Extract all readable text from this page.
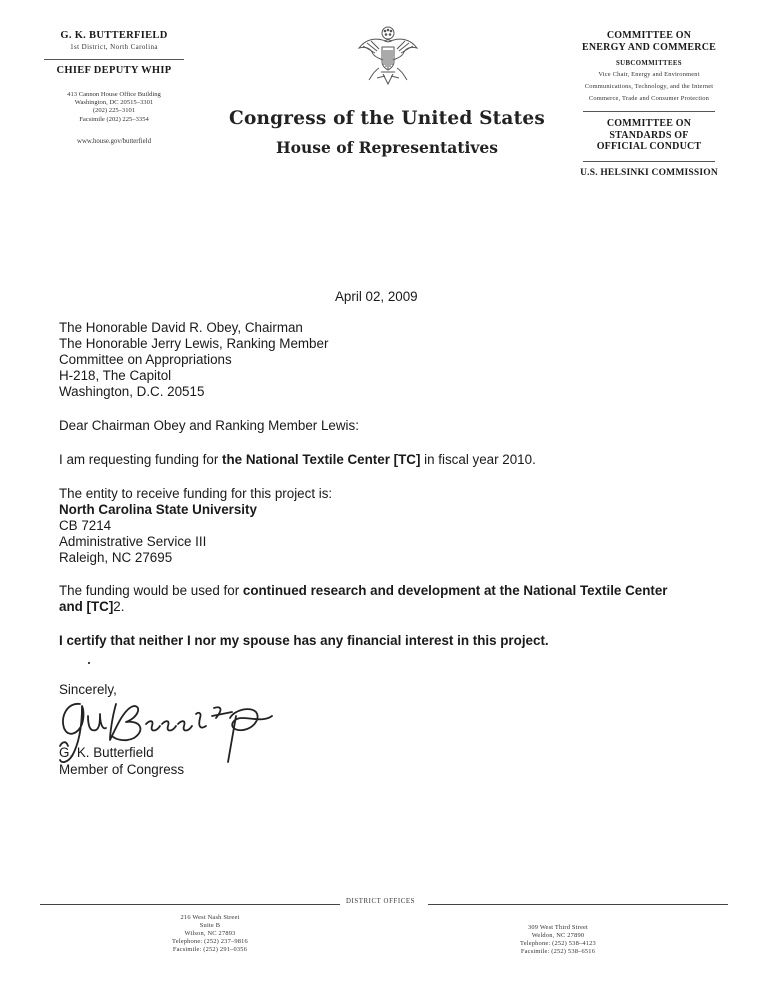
G. K. BUTTERFIELD
1st District, North Carolina
CHIEF DEPUTY WHIP
413 Cannon House Office Building
Washington, DC 20515–3301
(202) 225–3101
Facsimile (202) 225–3354
www.house.gov/butterfield
Congress of the United States
House of Representatives
COMMITTEE ON
ENERGY AND COMMERCE
SUBCOMMITTEES
Vice Chair, Energy and Environment
Communications, Technology, and the Internet
Commerce, Trade and Consumer Protection
COMMITTEE ON
STANDARDS OF
OFFICIAL CONDUCT
U.S. HELSINKI COMMISSION
April 02, 2009
The Honorable David R. Obey, Chairman
The Honorable Jerry Lewis, Ranking Member
Committee on Appropriations
H-218, The Capitol
Washington, D.C. 20515
Dear Chairman Obey and Ranking Member Lewis:
I am requesting funding for the National Textile Center [TC] in fiscal year 2010.
The entity to receive funding for this project is:
North Carolina State University
CB 7214
Administrative Service III
Raleigh, NC 27695
The funding would be used for continued research and development at the National Textile Center and [TC]2.
I certify that neither I nor my spouse has any financial interest in this project.
Sincerely,
G. K. Butterfield
Member of Congress
DISTRICT OFFICES
216 West Nash Street
Suite B
Wilson, NC 27893
Telephone: (252) 237–9816
Facsimile: (252) 291–0356
309 West Third Street
Weldon, NC 27890
Telephone: (252) 538–4123
Facsimile: (252) 538–6516
